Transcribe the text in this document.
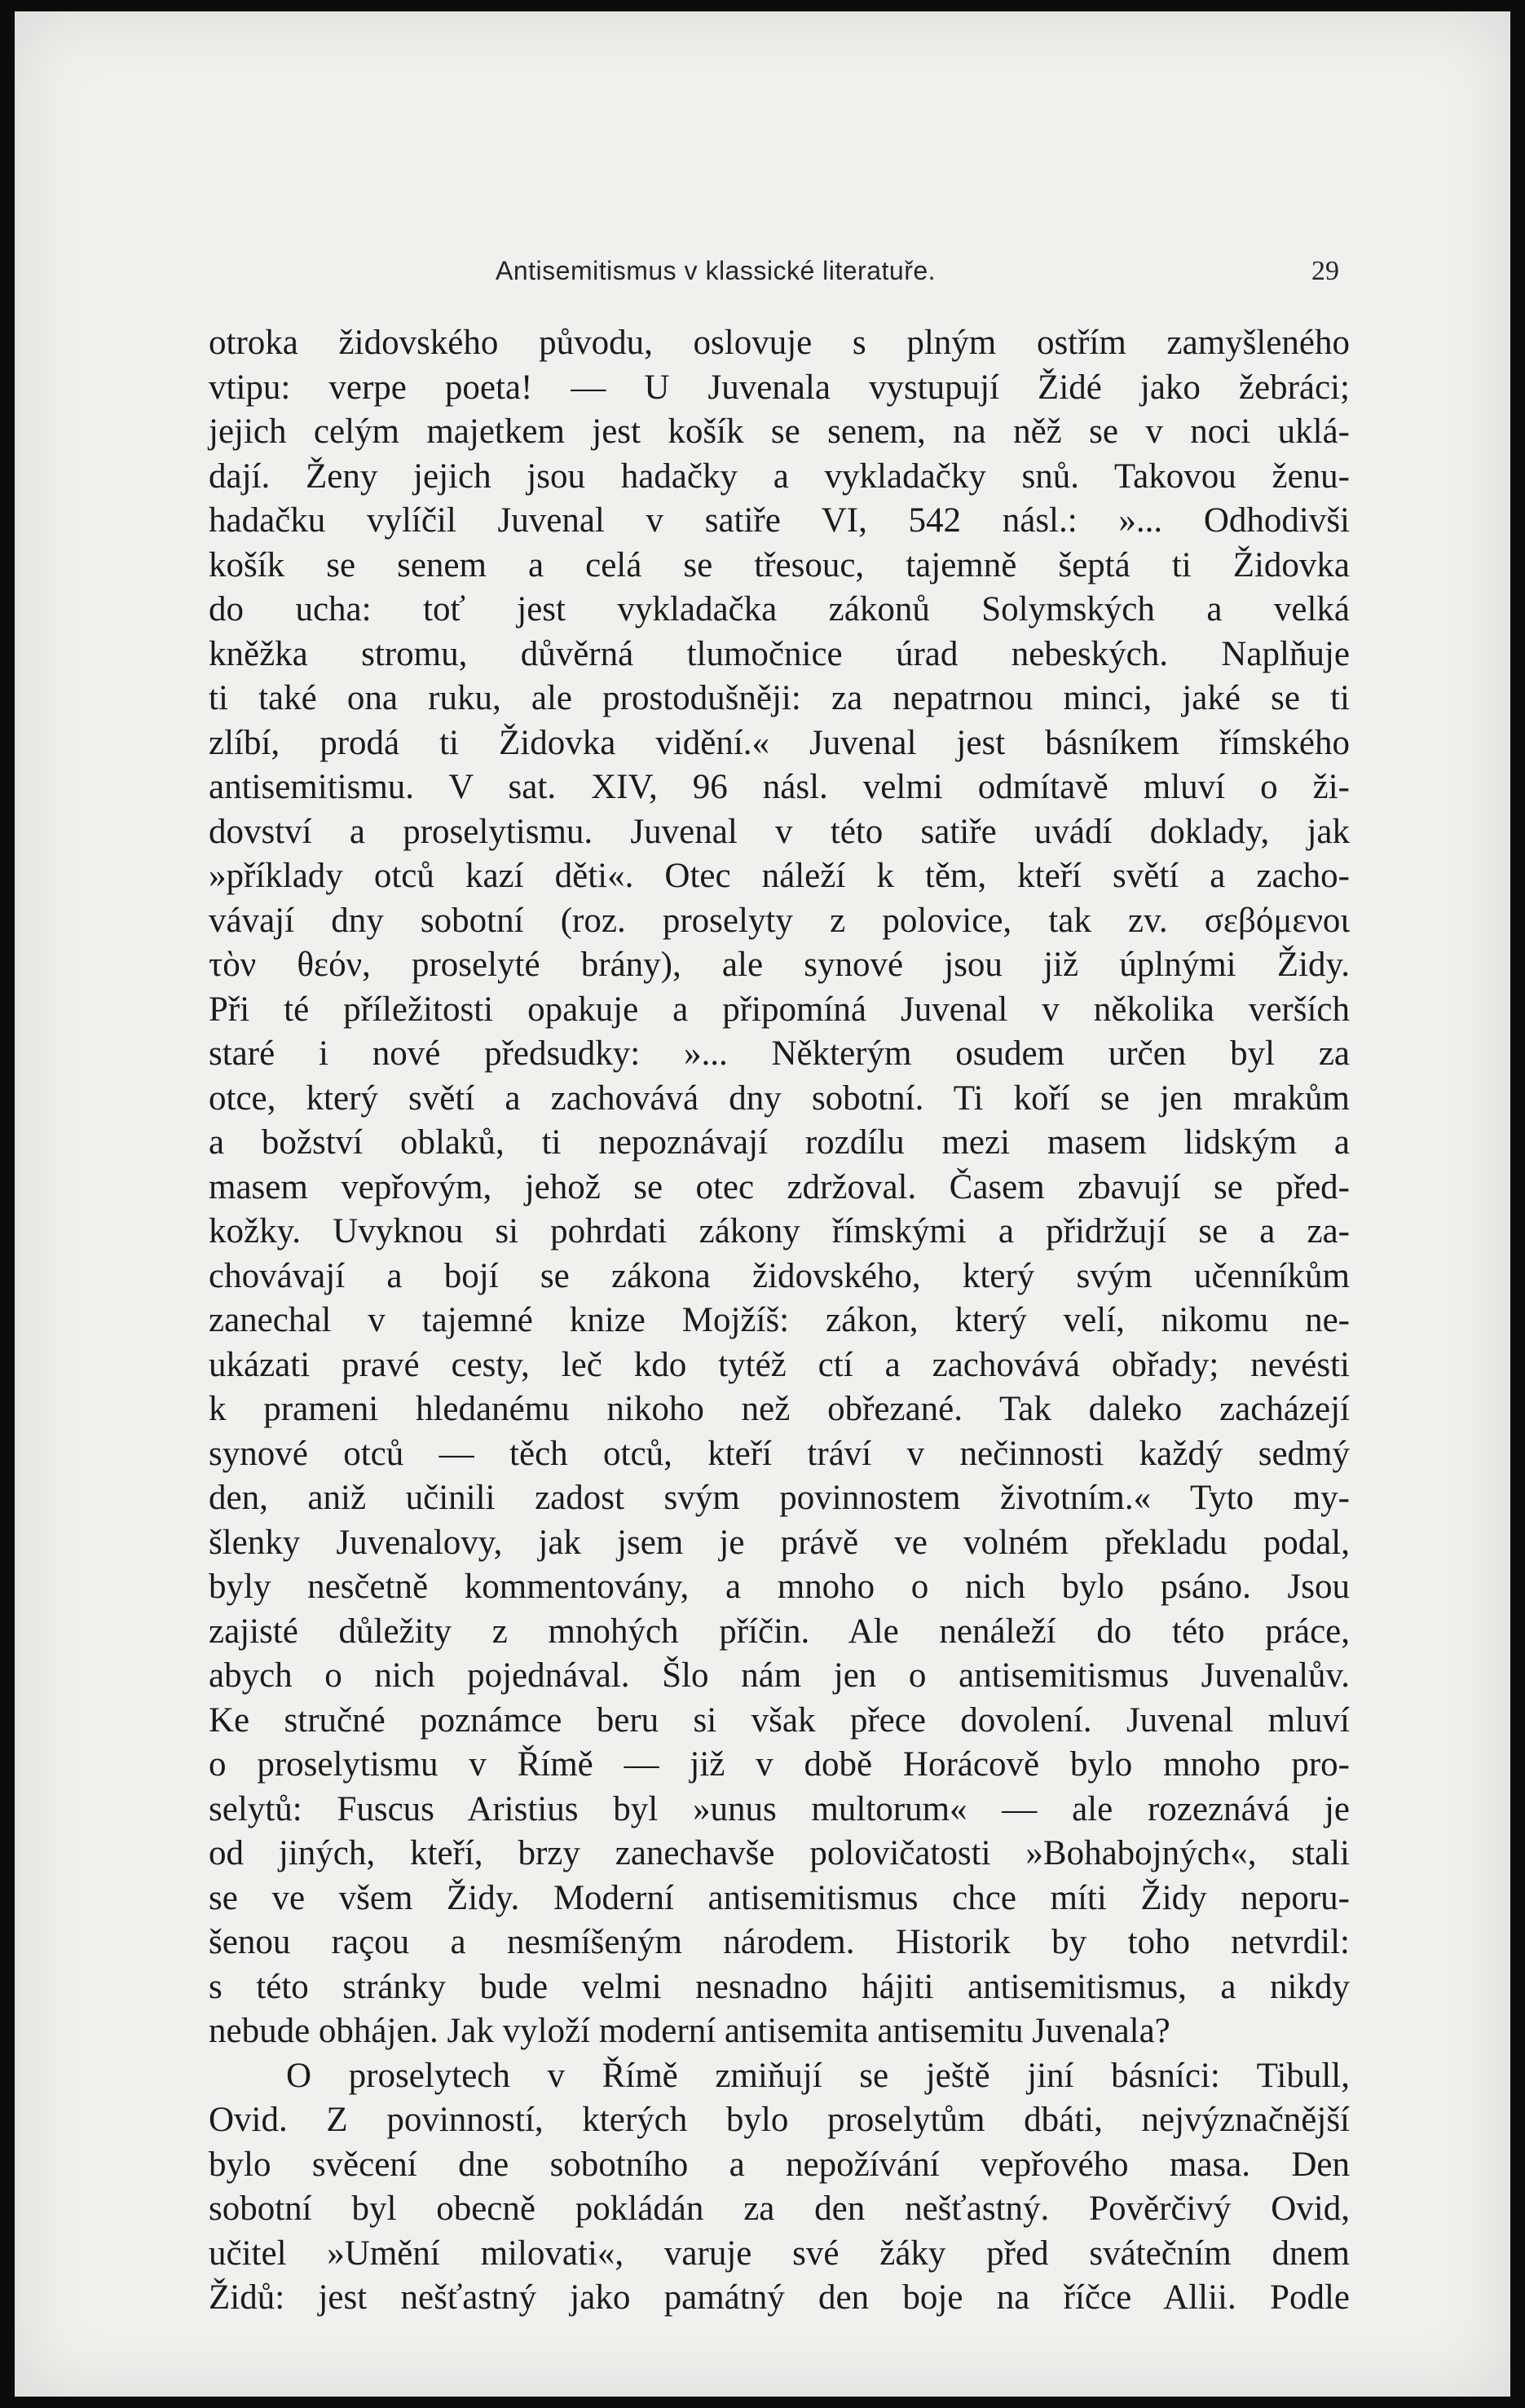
Antisemitismus v klassické literatuře.	29
otroka židovského původu, oslovuje s plným ostřím zamyšleného
vtipu: verpe poeta! — U Juvenala vystupují Židé jako žebráci;
jejich celým majetkem jest košík se senem, na něž se v noci uklá-
dají. Ženy jejich jsou hadačky a vykladačky snů. Takovou ženu-
hadačku vylíčil Juvenal v satiře VI, 542 násl.: »... Odhodivši
košík se senem a celá se třesouc, tajemně šeptá ti Židovka
do ucha: toť jest vykladačka zákonů Solymských a velká
kněžka stromu, důvěrná tlumočnice úrad nebeských. Naplňuje
ti také ona ruku, ale prostodušněji: za nepatrnou minci, jaké se ti
zlíbí, prodá ti Židovka vidění.« Juvenal jest básníkem římského
antisemitismu. V sat. XIV, 96 násl. velmi odmítavě mluví o ži-
dovství a proselytismu. Juvenal v této satiře uvádí doklady, jak
»příklady otců kazí děti«. Otec náleží k těm, kteří světí a zacho-
vávají dny sobotní (roz. proselyty z polovice, tak zv. σεβόμενοι
τὸν θεόν, proselyté brány), ale synové jsou již úplnými Židy.
Při té příležitosti opakuje a připomíná Juvenal v několika verších
staré i nové předsudky: »... Některým osudem určen byl za
otce, který světí a zachovává dny sobotní. Ti koří se jen mrakům
a božství oblaků, ti nepoznávají rozdílu mezi masem lidským a
masem vepřovým, jehož se otec zdržoval. Časem zbavují se před-
kožky. Uvyknou si pohrdati zákony římskými a přidržují se a za-
chovávají a bojí se zákona židovského, který svým učenníkům
zanechal v tajemné knize Mojžíš: zákon, který velí, nikomu ne-
ukázati pravé cesty, leč kdo tytéž ctí a zachovává obřady; nevésti
k prameni hledanému nikoho než obřezané. Tak daleko zacházejí
synové otců — těch otců, kteří tráví v nečinnosti každý sedmý
den, aniž učinili zadost svým povinnostem životním.« Tyto my-
šlenky Juvenalovy, jak jsem je právě ve volném překladu podal,
byly nesčetně kommentovány, a mnoho o nich bylo psáno. Jsou
zajisté důležity z mnohých příčin. Ale nenáleží do této práce,
abych o nich pojednával. Šlo nám jen o antisemitismus Juvenalův.
Ke stručné poznámce beru si však přece dovolení. Juvenal mluví
o proselytismu v Římě — již v době Horácově bylo mnoho pro-
selytů: Fuscus Aristius byl »unus multorum« — ale rozeznává je
od jiných, kteří, brzy zanechavše polovičatosti »Bohabojných«, stali
se ve všem Židy. Moderní antisemitismus chce míti Židy neporu-
šenou raçou a nesmíšeným národem. Historik by toho netvrdil:
s této stránky bude velmi nesnadno hájiti antisemitismus, a nikdy
nebude obhájen. Jak vyloží moderní antisemita antisemitu Juvenala?
O proselytech v Římě zmiňují se ještě jiní básníci: Tibull,
Ovid. Z povinností, kterých bylo proselytům dbáti, nejvýznačnější
bylo svěcení dne sobotního a nepožívání vepřového masa. Den
sobotní byl obecně pokládán za den nešťastný. Pověrčivý Ovid,
učitel »Umění milovati«, varuje své žáky před svátečním dnem
Židů: jest nešťastný jako památný den boje na říčce Allii. Podle
